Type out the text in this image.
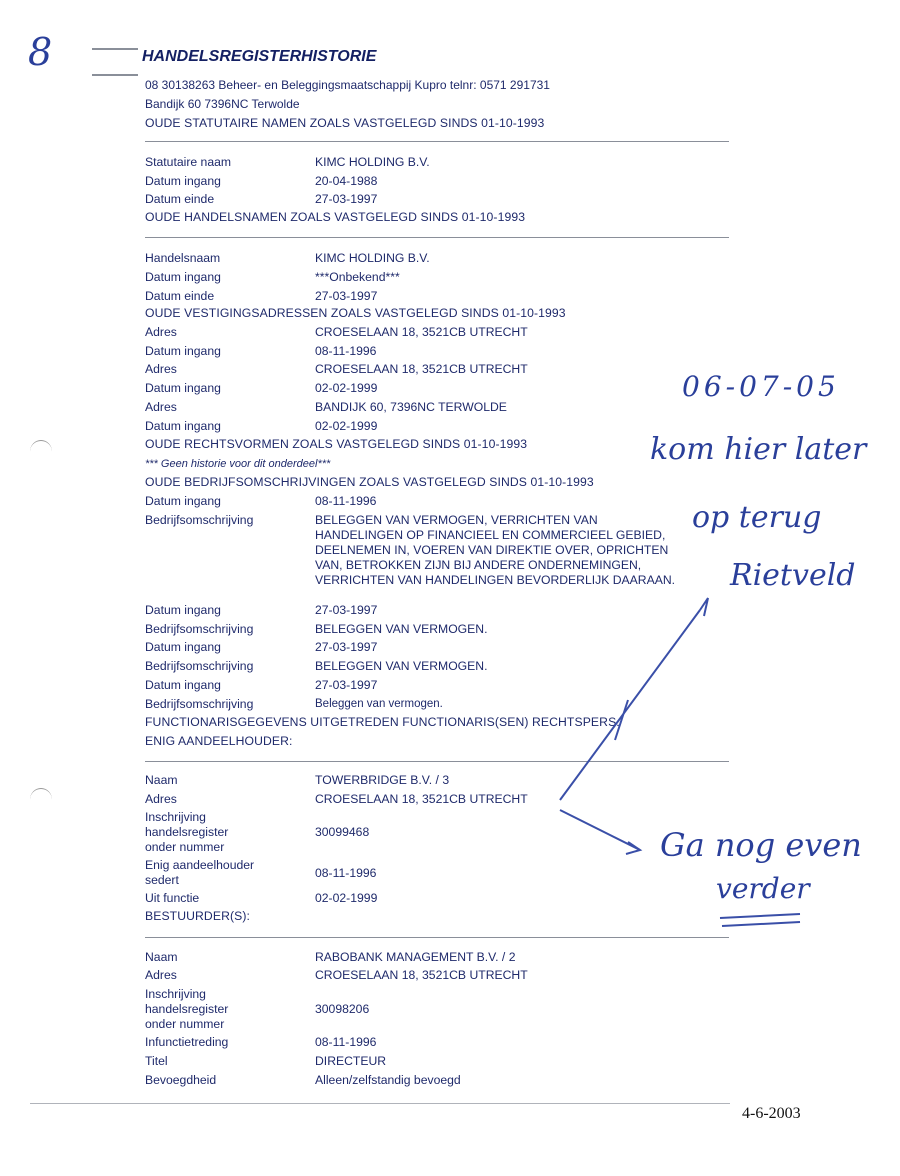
8	HANDELSREGISTERHISTORIE
08 30138263 Beheer- en Beleggingsmaatschappij Kupro telnr: 0571 291731
Bandijk 60 7396NC Terwolde
OUDE STATUTAIRE NAMEN ZOALS VASTGELEGD SINDS 01-10-1993
Statutaire naam	KIMC HOLDING B.V.
Datum ingang	20-04-1988
Datum einde	27-03-1997
OUDE HANDELSNAMEN ZOALS VASTGELEGD SINDS 01-10-1993
Handelsnaam	KIMC HOLDING B.V.
Datum ingang	***Onbekend***
Datum einde	27-03-1997
OUDE VESTIGINGSADRESSEN ZOALS VASTGELEGD SINDS 01-10-1993
Adres	CROESELAAN 18, 3521CB UTRECHT
Datum ingang	08-11-1996
Adres	CROESELAAN 18, 3521CB UTRECHT
Datum ingang	02-02-1999
Adres	BANDIJK 60, 7396NC TERWOLDE
Datum ingang	02-02-1999
OUDE RECHTSVORMEN ZOALS VASTGELEGD SINDS 01-10-1993
*** Geen historie voor dit onderdeel***
OUDE BEDRIJFSOMSCHRIJVINGEN ZOALS VASTGELEGD SINDS 01-10-1993
Datum ingang	08-11-1996
Bedrijfsomschrijving	BELEGGEN VAN VERMOGEN, VERRICHTEN VAN HANDELINGEN OP FINANCIEEL EN COMMERCIEEL GEBIED, DEELNEMEN IN, VOEREN VAN DIREKTIE OVER, OPRICHTEN VAN, BETROKKEN ZIJN BIJ ANDERE ONDERNEMINGEN, VERRICHTEN VAN HANDELINGEN BEVORDERLIJK DAARAAN.
Datum ingang	27-03-1997
Bedrijfsomschrijving	BELEGGEN VAN VERMOGEN.
Datum ingang	27-03-1997
Bedrijfsomschrijving	BELEGGEN VAN VERMOGEN.
Datum ingang	27-03-1997
Bedrijfsomschrijving	Beleggen van vermogen.
FUNCTIONARISGEGEVENS UITGETREDEN FUNCTIONARIS(SEN) RECHTSPERS.
ENIG AANDEELHOUDER:
Naam	TOWERBRIDGE B.V. / 3
Adres	CROESELAAN 18, 3521CB UTRECHT
Inschrijving
handelsregister
onder nummer
30099468
Enig aandeelhouder
sedert	08-11-1996
Uit functie	02-02-1999
BESTUURDER(S):
Naam	RABOBANK MANAGEMENT B.V. / 2
Adres	CROESELAAN 18, 3521CB UTRECHT
Inschrijving
handelsregister
onder nummer
30098206
Infunctietreding	08-11-1996
Titel	DIRECTEUR
Bevoegdheid	Alleen/zelfstandig bevoegd
4-6-2003
06-07-05
kom hier later
op terug
Rietveld
Ga nog even
verder
